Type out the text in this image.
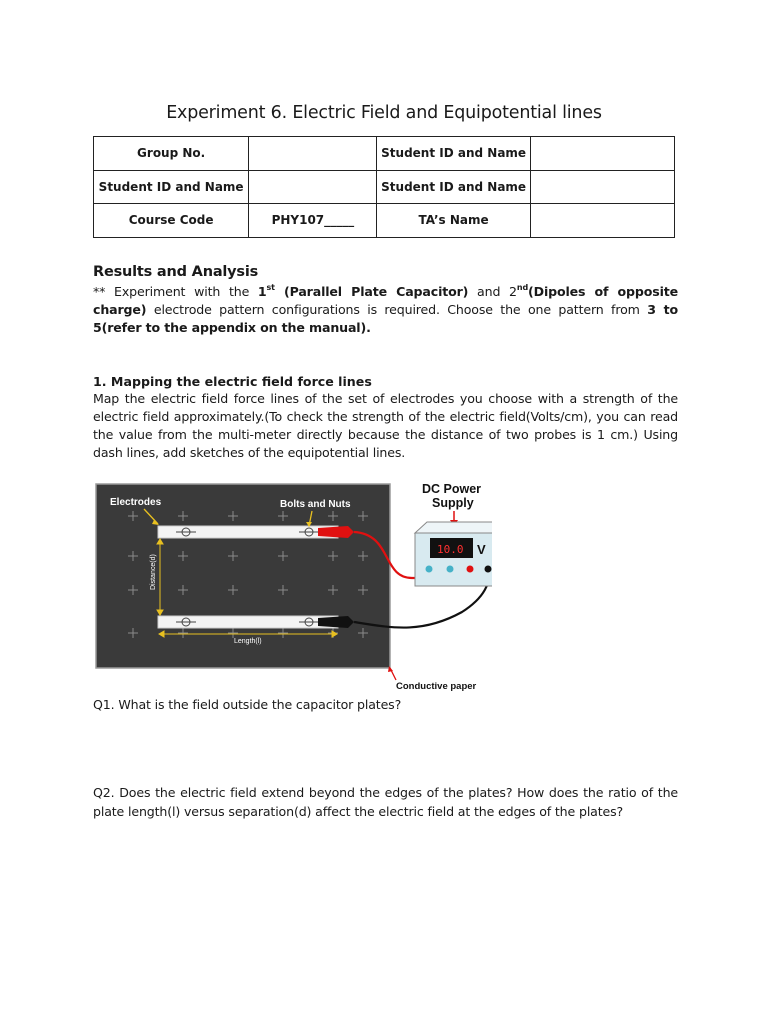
Experiment 6. Electric Field and Equipotential lines
Group No.		Student ID and Name	
Student ID and Name		Student ID and Name	
Course Code	PHY107_____	TA’s Name	
Results and Analysis
** Experiment with the 1st (Parallel Plate Capacitor) and 2nd(Dipoles of opposite charge) electrode pattern configurations is required. Choose the one pattern from 3 to 5(refer to the appendix on the manual).
1. Mapping the electric field force lines
Map the electric field force lines of the set of electrodes you choose with a strength of the electric field approximately.(To check the strength of the electric field(Volts/cm), you can read the value from the multi-meter directly because the distance of two probes is 1 cm.) Using dash lines, add sketches of the equipotential lines.
Distance(d)
Length(l)
Electrodes	Bolts and Nuts
DC Power
Supply
10.0 V
Conductive paper
Q1. What is the field outside the capacitor plates?
Q2. Does the electric field extend beyond the edges of the plates? How does the ratio of the plate length(l) versus separation(d) affect the electric field at the edges of the plates?
